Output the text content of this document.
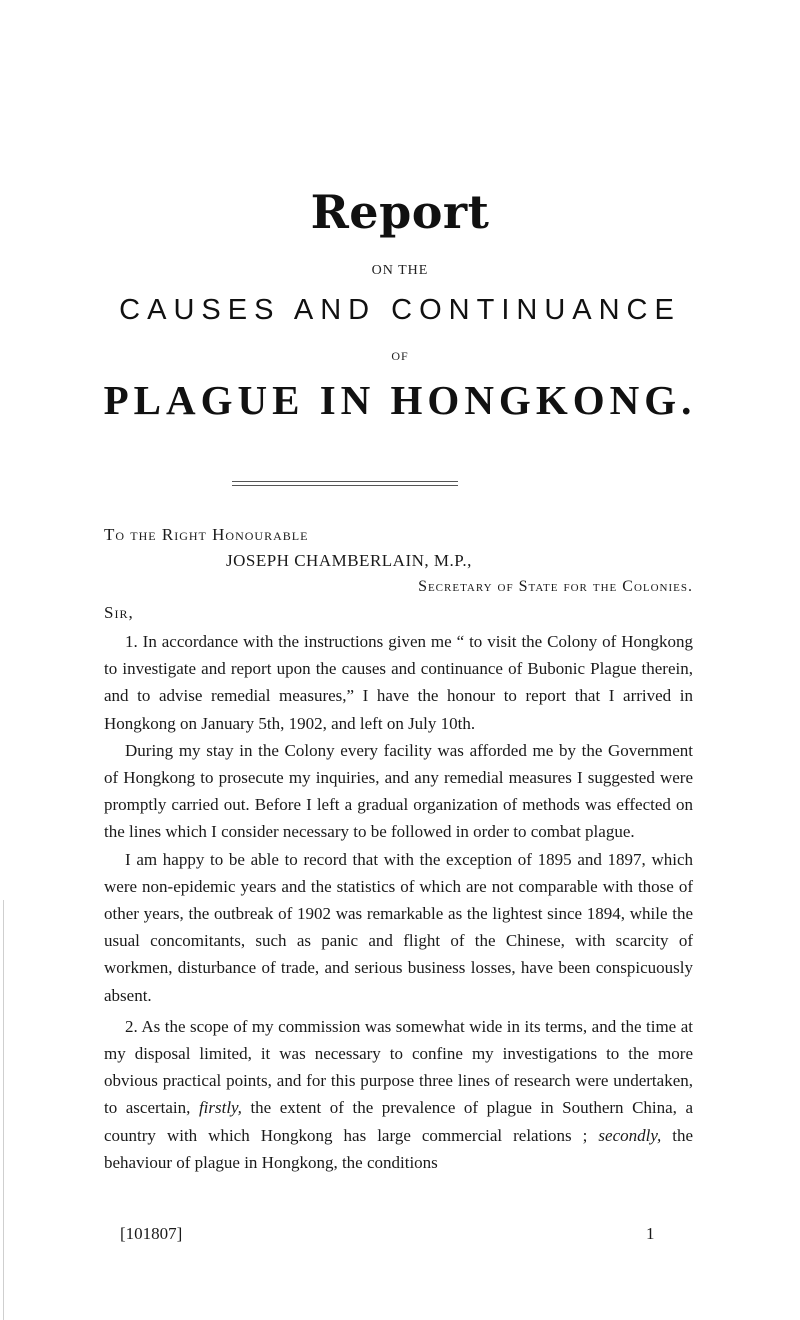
Report
ON THE
CAUSES AND CONTINUANCE
OF
PLAGUE IN HONGKONG.
To the Right Honourable
JOSEPH CHAMBERLAIN, M.P.,
Secretary of State for the Colonies.
Sir,

1. In accordance with the instructions given me “ to visit the Colony of Hongkong to investigate and report upon the causes and continuance of Bubonic Plague therein, and to advise remedial measures,” I have the honour to report that I arrived in Hongkong on January 5th, 1902, and left on July 10th.

During my stay in the Colony every facility was afforded me by the Government of Hongkong to prosecute my inquiries, and any remedial measures I suggested were promptly carried out. Before I left a gradual organization of methods was effected on the lines which I consider necessary to be followed in order to combat plague.

I am happy to be able to record that with the exception of 1895 and 1897, which were non-epidemic years and the statistics of which are not comparable with those of other years, the outbreak of 1902 was remarkable as the lightest since 1894, while the usual concomitants, such as panic and flight of the Chinese, with scarcity of workmen, disturbance of trade, and serious business losses, have been conspicuously absent.

2. As the scope of my commission was somewhat wide in its terms, and the time at my disposal limited, it was necessary to confine my investigations to the more obvious practical points, and for this purpose three lines of research were undertaken, to ascertain, firstly, the extent of the prevalence of plague in Southern China, a country with which Hongkong has large commercial relations ; secondly, the behaviour of plague in Hongkong, the conditions

[101807]	1
